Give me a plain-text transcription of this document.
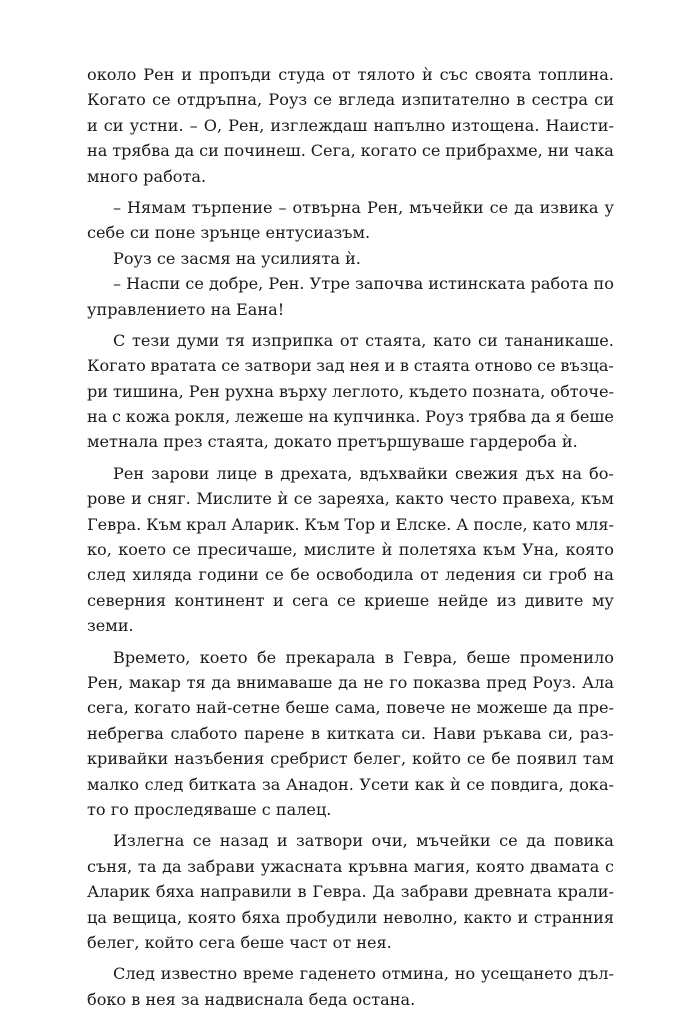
около Рен и пропъди студа от тялото ѝ със своята топлина.
Когато се отдръпна, Роуз се вгледа изпитателно в сестра си
и си устни. – О, Рен, изглеждаш напълно изтощена. Наисти-
на трябва да си починеш. Сега, когато се прибрахме, ни чака
много работа.
– Нямам търпение – отвърна Рен, мъчейки се да извика у
себе си поне зрънце ентусиазъм.
Роуз се засмя на усилията ѝ.
– Наспи се добре, Рен. Утре започва истинската работа по
управлението на Еана!
С тези думи тя изприпка от стаята, като си тананикаше.
Когато вратата се затвори зад нея и в стаята отново се възца-
ри тишина, Рен рухна върху леглото, където позната, обточе-
на с кожа рокля, лежеше на купчинка. Роуз трябва да я беше
метнала през стаята, докато претършуваше гардероба ѝ.
Рен зарови лице в дрехата, вдъхвайки свежия дъх на бо-
рове и сняг. Мислите ѝ се зареяха, както често правеха, към
Гевра. Към крал Аларик. Към Тор и Елске. А после, като мля-
ко, което се пресичаше, мислите ѝ полетяха към Уна, която
след хиляда години се бе освободила от ледения си гроб на
северния континент и сега се криеше нейде из дивите му
земи.
Времето, което бе прекарала в Гевра, беше променило
Рен, макар тя да внимаваше да не го показва пред Роуз. Ала
сега, когато най-сетне беше сама, повече не можеше да пре-
небрегва слабото парене в китката си. Нави ръкава си, раз-
кривайки назъбения сребрист белег, който се бе появил там
малко след битката за Анадон. Усети как ѝ се повдига, дока-
то го проследяваше с палец.
Излегна се назад и затвори очи, мъчейки се да повика
съня, та да забрави ужасната кръвна магия, която двамата с
Аларик бяха направили в Гевра. Да забрави древната крали-
ца вещица, която бяха пробудили неволно, както и странния
белег, който сега беше част от нея.
След известно време гаденето отмина, но усещането дъл-
боко в нея за надвиснала беда остана.
